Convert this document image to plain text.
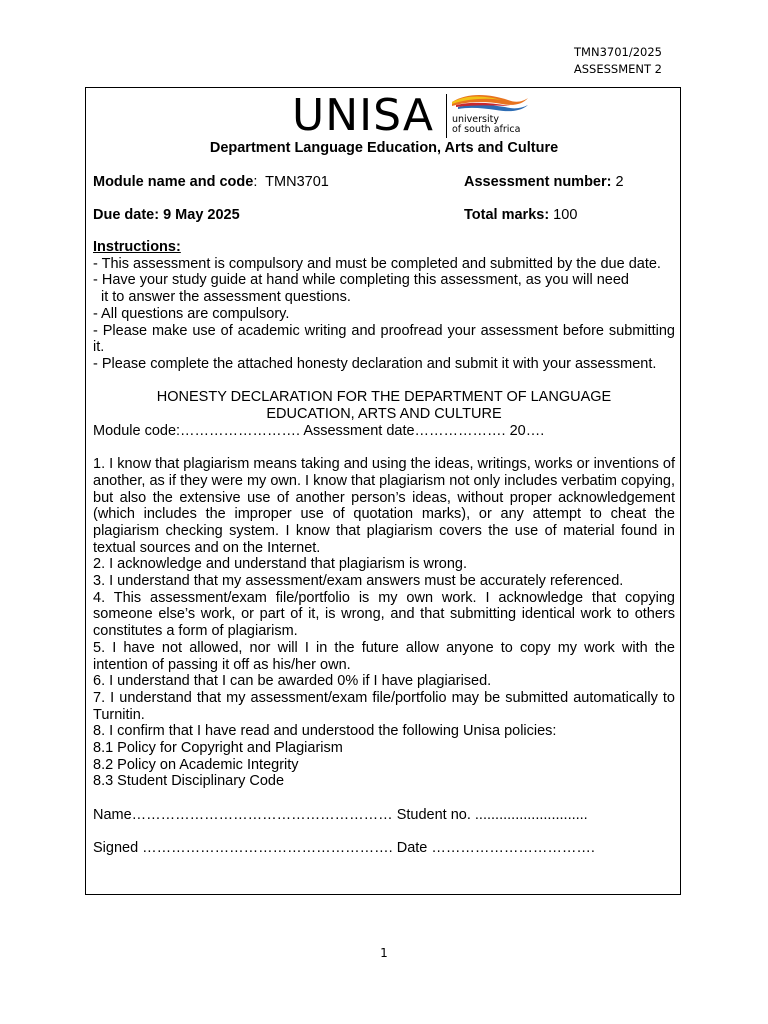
TMN3701/2025
ASSESSMENT 2
UNISA university
of south africa
Department Language Education, Arts and Culture
Module name and code:  TMN3701	Assessment number: 2
Due date: 9 May 2025	Total marks: 100

Instructions:

- This assessment is compulsory and must be completed and submitted by the due date.

- Have your study guide at hand while completing this assessment, as you will need

it to answer the assessment questions.

- All questions are compulsory.

- Please make use of academic writing and proofread your assessment before submitting it.

- Please complete the attached honesty declaration and submit it with your assessment.

HONESTY DECLARATION FOR THE DEPARTMENT OF LANGUAGE

EDUCATION, ARTS AND CULTURE

Module code:……………………. Assessment date………………. 20….

1. I know that plagiarism means taking and using the ideas, writings, works or inventions of another, as if they were my own. I know that plagiarism not only includes verbatim copying, but also the extensive use of another person’s ideas, without proper acknowledgement (which includes the improper use of quotation marks), or any attempt to cheat the plagiarism checking system. I know that plagiarism covers the use of material found in textual sources and on the Internet.

2. I acknowledge and understand that plagiarism is wrong.

3. I understand that my assessment/exam answers must be accurately referenced.

4. This assessment/exam file/portfolio is my own work. I acknowledge that copying someone else’s work, or part of it, is wrong, and that submitting identical work to others constitutes a form of plagiarism.

5. I have not allowed, nor will I in the future allow anyone to copy my work with the intention of passing it off as his/her own.

6. I understand that I can be awarded 0% if I have plagiarised.

7. I understand that my assessment/exam file/portfolio may be submitted automatically to Turnitin.

8. I confirm that I have read and understood the following Unisa policies:

8.1 Policy for Copyright and Plagiarism

8.2 Policy on Academic Integrity

8.3 Student Disciplinary Code

Name……………………………………………… Student no. ............................

Signed ……………………………………………. Date …………………………….

1
